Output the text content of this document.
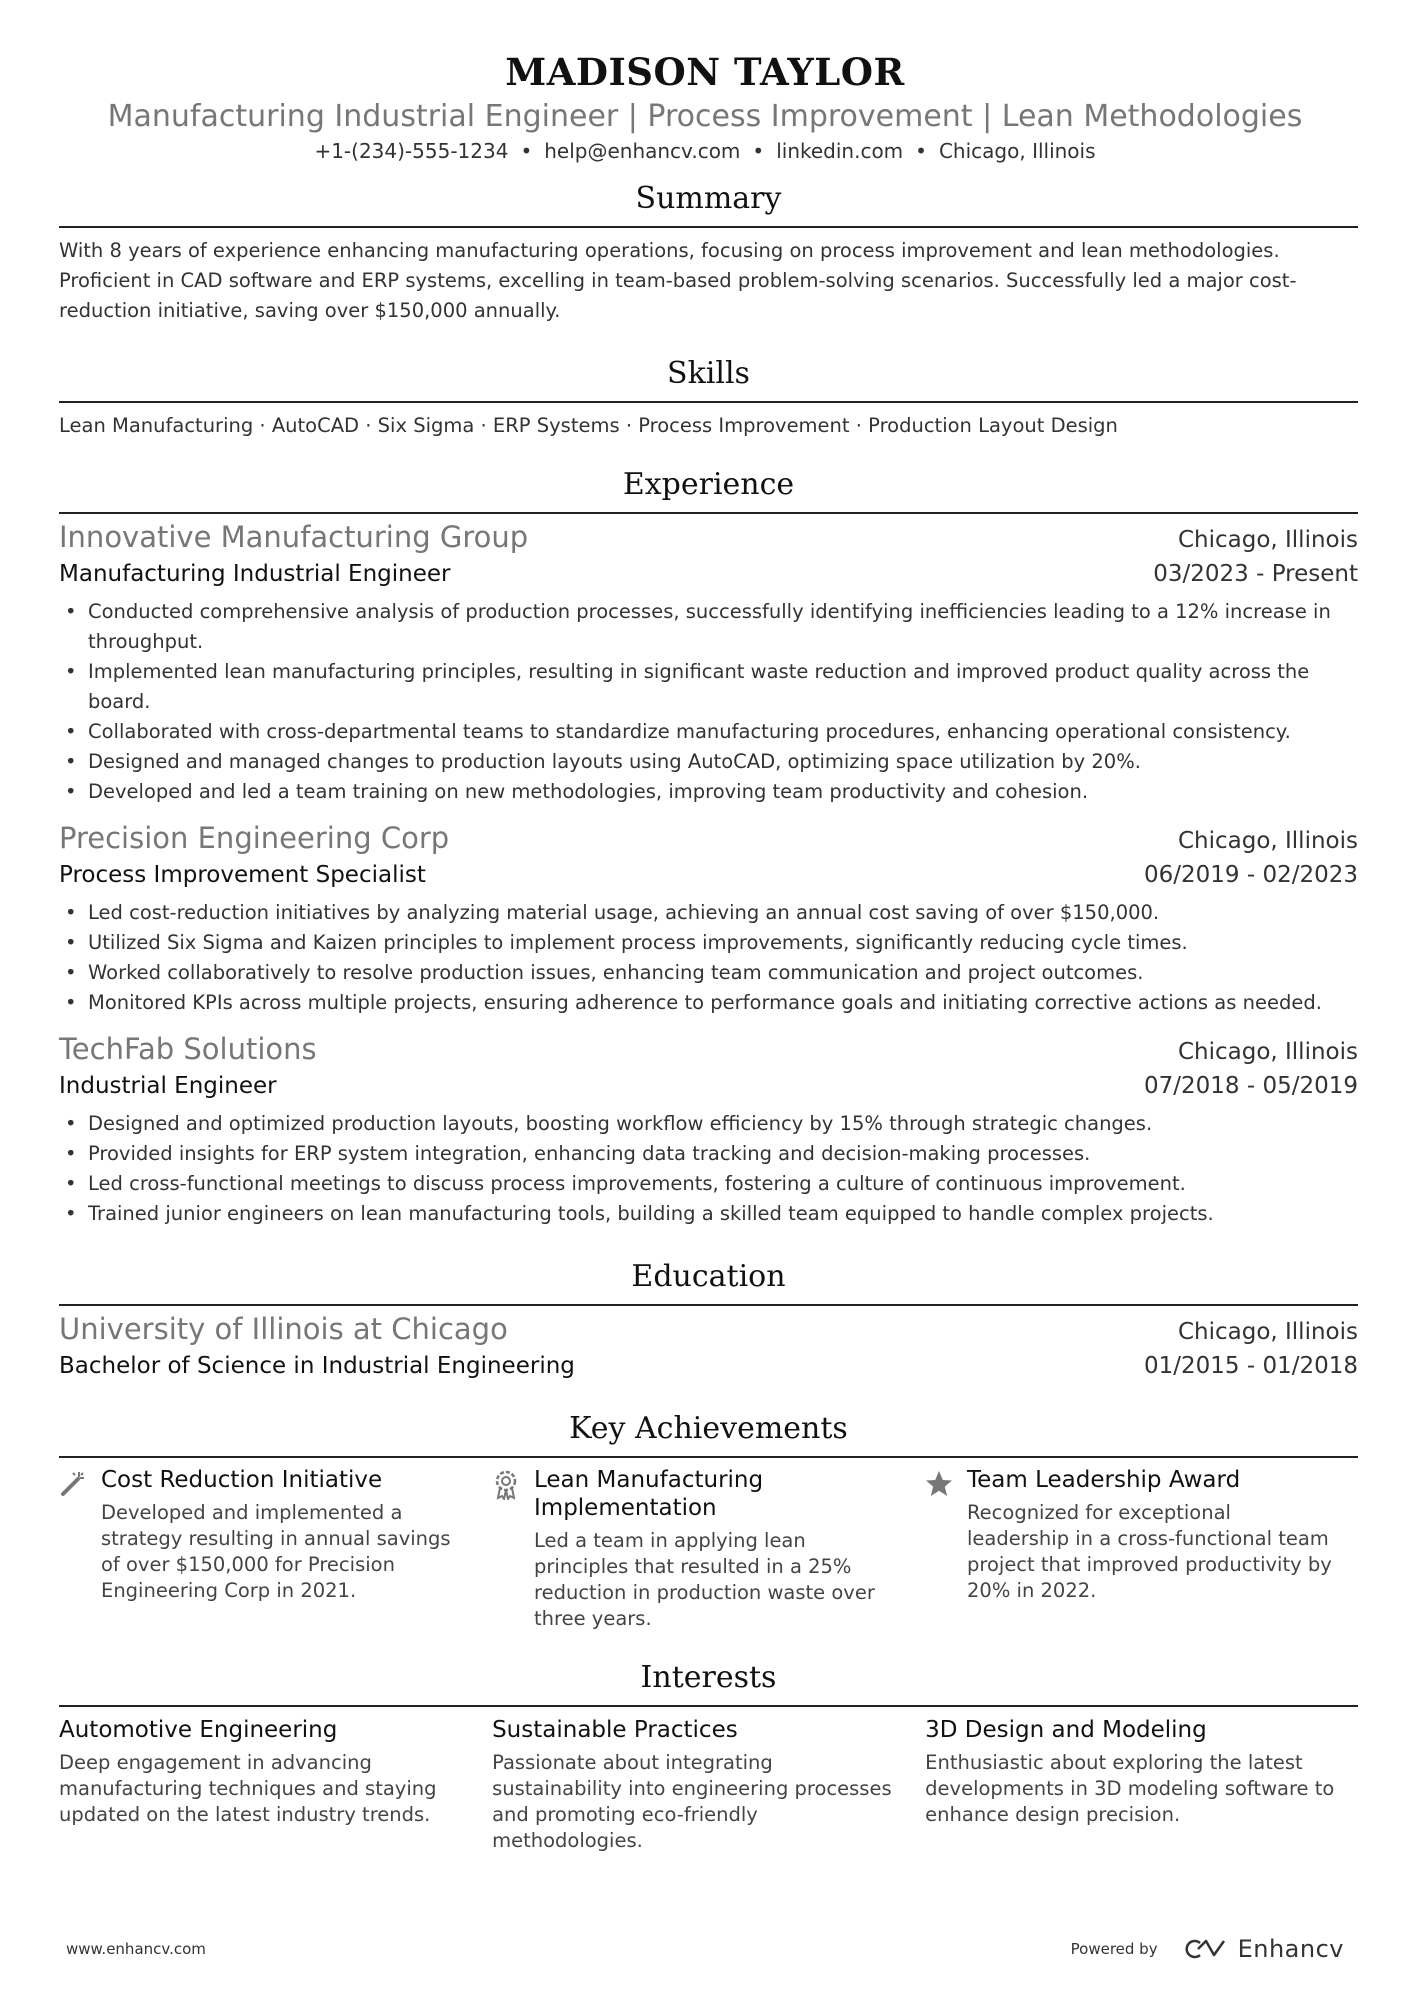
MADISON TAYLOR
Manufacturing Industrial Engineer | Process Improvement | Lean Methodologies
+1-(234)-555-1234 • help@enhancv.com • linkedin.com • Chicago, Illinois
Summary
With 8 years of experience enhancing manufacturing operations, focusing on process improvement and lean methodologies. Proficient in CAD software and ERP systems, excelling in team-based problem-solving scenarios. Successfully led a major cost-reduction initiative, saving over $150,000 annually.
Skills
Lean Manufacturing · AutoCAD · Six Sigma · ERP Systems · Process Improvement · Production Layout Design
Experience
Innovative Manufacturing Group	Chicago, Illinois
Manufacturing Industrial Engineer	03/2023 - Present
• Conducted comprehensive analysis of production processes, successfully identifying inefficiencies leading to a 12% increase in throughput.
• Implemented lean manufacturing principles, resulting in significant waste reduction and improved product quality across the board.
• Collaborated with cross-departmental teams to standardize manufacturing procedures, enhancing operational consistency.
• Designed and managed changes to production layouts using AutoCAD, optimizing space utilization by 20%.
• Developed and led a team training on new methodologies, improving team productivity and cohesion.
Precision Engineering Corp	Chicago, Illinois
Process Improvement Specialist	06/2019 - 02/2023
• Led cost-reduction initiatives by analyzing material usage, achieving an annual cost saving of over $150,000.
• Utilized Six Sigma and Kaizen principles to implement process improvements, significantly reducing cycle times.
• Worked collaboratively to resolve production issues, enhancing team communication and project outcomes.
• Monitored KPIs across multiple projects, ensuring adherence to performance goals and initiating corrective actions as needed.
TechFab Solutions	Chicago, Illinois
Industrial Engineer	07/2018 - 05/2019
• Designed and optimized production layouts, boosting workflow efficiency by 15% through strategic changes.
• Provided insights for ERP system integration, enhancing data tracking and decision-making processes.
• Led cross-functional meetings to discuss process improvements, fostering a culture of continuous improvement.
• Trained junior engineers on lean manufacturing tools, building a skilled team equipped to handle complex projects.
Education
University of Illinois at Chicago	Chicago, Illinois
Bachelor of Science in Industrial Engineering	01/2015 - 01/2018
Key Achievements
Cost Reduction Initiative
Developed and implemented a strategy resulting in annual savings of over $150,000 for Precision Engineering Corp in 2021.
Lean Manufacturing Implementation
Led a team in applying lean principles that resulted in a 25% reduction in production waste over three years.
Team Leadership Award
Recognized for exceptional leadership in a cross-functional team project that improved productivity by 20% in 2022.
Interests
Automotive Engineering
Deep engagement in advancing manufacturing techniques and staying updated on the latest industry trends.
Sustainable Practices
Passionate about integrating sustainability into engineering processes and promoting eco-friendly methodologies.
3D Design and Modeling
Enthusiastic about exploring the latest developments in 3D modeling software to enhance design precision.
www.enhancv.com	Powered by	Enhancv
